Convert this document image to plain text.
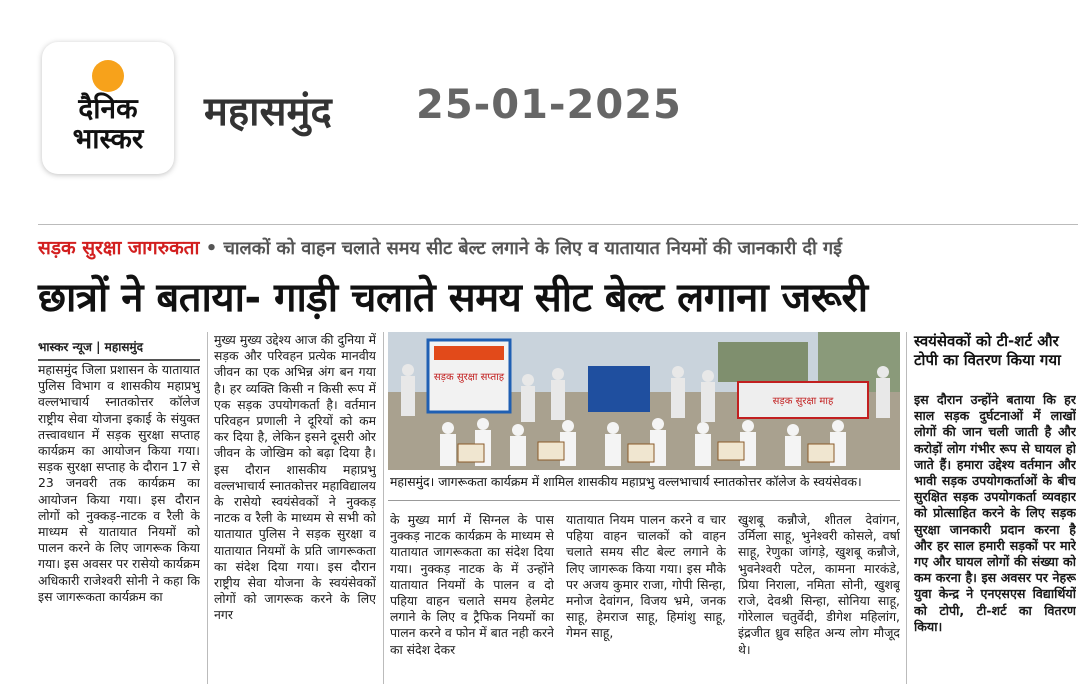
दैनिक
भास्कर
महासमुंद 25-01-2025
सड़क सुरक्षा जागरुकता • चालकों को वाहन चलाते समय सीट बेल्ट लगाने के लिए व यातायात नियमों की जानकारी दी गई
छात्रों ने बताया- गाड़ी चलाते समय सीट बेल्ट लगाना जरूरी
भास्कर न्यूज | महासमुंद
महासमुंद जिला प्रशासन के यातायात पुलिस विभाग व शासकीय महाप्रभु वल्लभाचार्य स्नातकोत्तर कॉलेज राष्ट्रीय सेवा योजना इकाई के संयुक्त तत्त्वावधान में सड़क सुरक्षा सप्ताह कार्यक्रम का आयोजन किया गया। सड़क सुरक्षा सप्ताह के दौरान 17 से 23 जनवरी तक कार्यक्रम का आयोजन किया गया। इस दौरान लोगों को नुक्कड़-नाटक व रैली के माध्यम से यातायात नियमों को पालन करने के लिए जागरूक किया गया। इस अवसर पर रासेयो कार्यक्रम अधिकारी राजेश्वरी सोनी ने कहा कि इस जागरूकता कार्यक्रम का
मुख्य मुख्य उद्देश्य आज की दुनिया में सड़क और परिवहन प्रत्येक मानवीय जीवन का एक अभिन्न अंग बन गया है। हर व्यक्ति किसी न किसी रूप में एक सड़क उपयोगकर्ता है। वर्तमान परिवहन प्रणाली ने दूरियों को कम कर दिया है, लेकिन इसने दूसरी ओर जीवन के जोखिम को बढ़ा दिया है। इस दौरान शासकीय महाप्रभु वल्लभाचार्य स्नातकोत्तर महाविद्यालय के रासेयो स्वयंसेवकों ने नुक्कड़ नाटक व रैली के माध्यम से सभी को यातायात पुलिस ने सड़क सुरक्षा व यातायात नियमों के प्रति जागरूकता का संदेश दिया गया। इस दौरान राष्ट्रीय सेवा योजना के स्वयंसेवकों लोगों को जागरूक करने के लिए नगर
सड़क सुरक्षा सप्ताह
सड़क सुरक्षा माह
महासमुंद। जागरूकता कार्यक्रम में शामिल शासकीय महाप्रभु वल्लभाचार्य स्नातकोत्तर कॉलेज के स्वयंसेवक।
के मुख्य मार्ग में सिग्नल के पास नुक्कड़ नाटक कार्यक्रम के माध्यम से यातायात जागरूकता का संदेश दिया गया। नुक्कड़ नाटक के में उन्होंने यातायात नियमों के पालन व दो पहिया वाहन चलाते समय हेलमेट लगाने के लिए व ट्रैफिक नियमों का पालन करने व फोन में बात नही करने का संदेश देकर
यातायात नियम पालन करने व चार पहिया वाहन चालकों को वाहन चलाते समय सीट बेल्ट लगाने के लिए जागरूक किया गया। इस मौके पर अजय कुमार राजा, गोपी सिन्हा, मनोज देवांगन, विजय भ्रमे, जनक साहू, हेमराज साहू, हिमांशु साहू, गेमन साहू,
खुशबू कन्नौजे, शीतल देवांगन, उर्मिला साहू, भुनेश्वरी कोसले, वर्षा साहू, रेणुका जांगड़े, खुशबू कन्नौजे, भुवनेश्वरी पटेल, कामना मारकंडे, प्रिया निराला, नमिता सोनी, खुशबू राजे, देवश्री सिन्हा, सोनिया साहू, गोरेलाल चतुर्वेदी, डीगेश महिलांग, इंद्रजीत ध्रुव सहित अन्य लोग मौजूद थे।
स्वयंसेवकों को टी-शर्ट और टोपी का वितरण किया गया
इस दौरान उन्होंने बताया कि हर साल सड़क दुर्घटनाओं में लाखों लोगों की जान चली जाती है और करोड़ों लोग गंभीर रूप से घायल हो जाते हैं। हमारा उद्देश्य वर्तमान और भावी सड़क उपयोगकर्ताओं के बीच सुरक्षित सड़क उपयोगकर्ता व्यवहार को प्रोत्साहित करने के लिए सड़क सुरक्षा जानकारी प्रदान करना है और हर साल हमारी सड़कों पर मारे गए और घायल लोगों की संख्या को कम करना है। इस अवसर पर नेहरू युवा केन्द्र ने एनएसएस विद्यार्थियों को टोपी, टी-शर्ट का वितरण किया।
